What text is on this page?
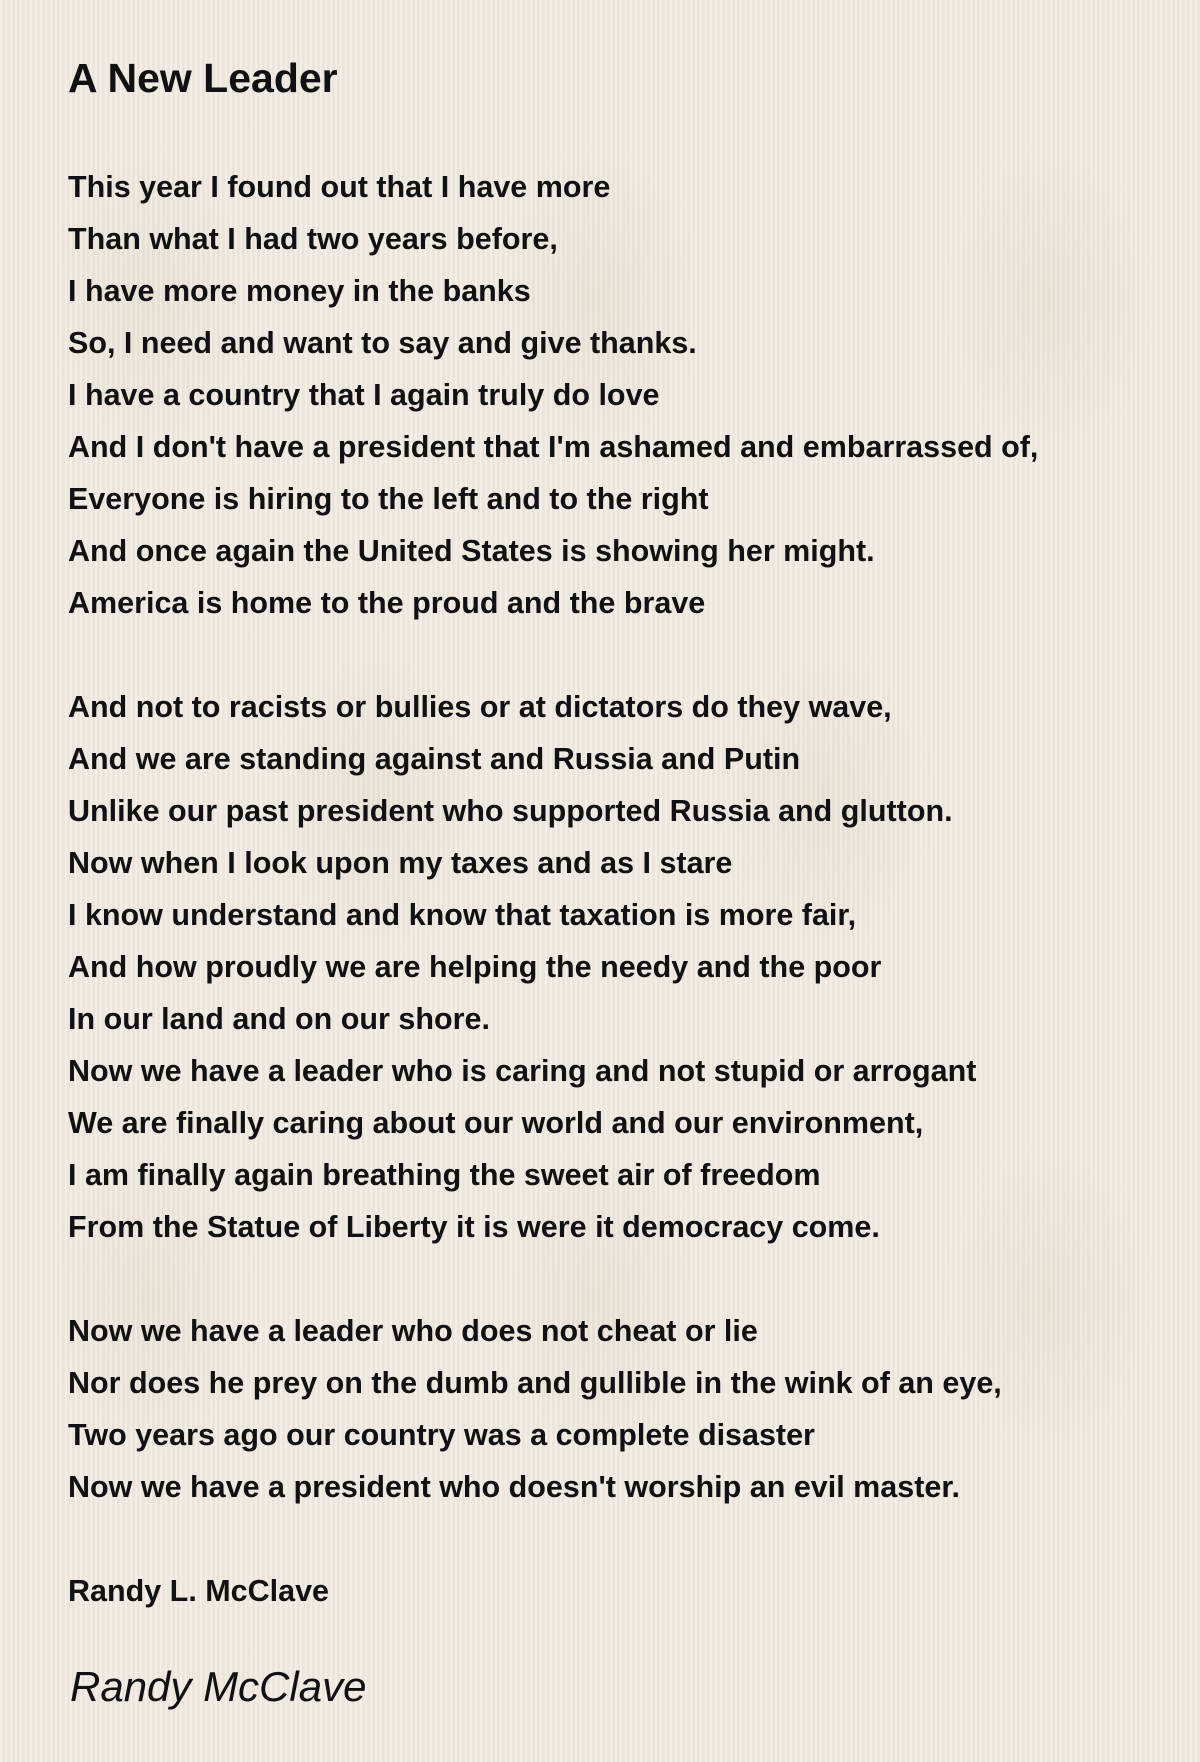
A New Leader
This year I found out that I have more
Than what I had two years before,
I have more money in the banks
So, I need and want to say and give thanks.
I have a country that I again truly do love
And I don't have a president that I'm ashamed and embarrassed of,
Everyone is hiring to the left and to the right
And once again the United States is showing her might.
America is home to the proud and the brave
And not to racists or bullies or at dictators do they wave,
And we are standing against and Russia and Putin
Unlike our past president who supported Russia and glutton.
Now when I look upon my taxes and as I stare
I know understand and know that taxation is more fair,
And how proudly we are helping the needy and the poor
In our land and on our shore.
Now we have a leader who is caring and not stupid or arrogant
We are finally caring about our world and our environment,
I am finally again breathing the sweet air of freedom
From the Statue of Liberty it is were it democracy come.
Now we have a leader who does not cheat or lie
Nor does he prey on the dumb and gullible in the wink of an eye,
Two years ago our country was a complete disaster
Now we have a president who doesn't worship an evil master.
Randy L. McClave
Randy McClave
